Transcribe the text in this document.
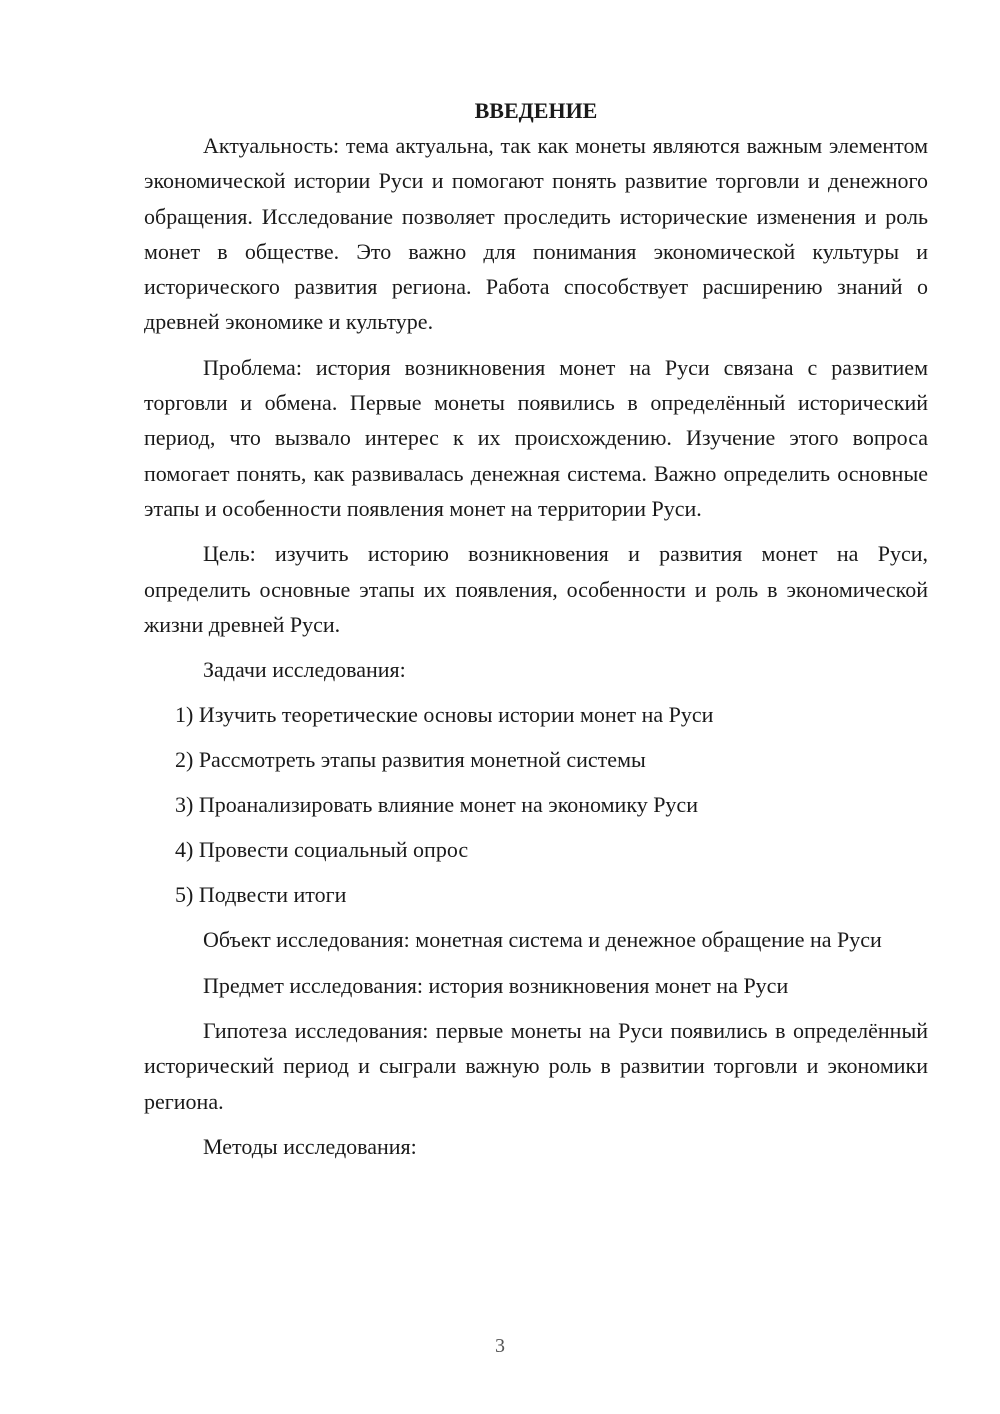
ВВЕДЕНИЕ

Актуальность: тема актуальна, так как монеты являются важным элементом экономической истории Руси и помогают понять развитие торговли и денежного обращения. Исследование позволяет проследить исторические изменения и роль монет в обществе. Это важно для понимания экономической культуры и исторического развития региона. Работа способствует расширению знаний о древней экономике и культуре.

Проблема: история возникновения монет на Руси связана с развитием торговли и обмена. Первые монеты появились в определённый исторический период, что вызвало интерес к их происхождению. Изучение этого вопроса помогает понять, как развивалась денежная система. Важно определить основные этапы и особенности появления монет на территории Руси.

Цель: изучить историю возникновения и развития монет на Руси, определить основные этапы их появления, особенности и роль в экономической жизни древней Руси.

Задачи исследования:

1) Изучить теоретические основы истории монет на Руси
2) Рассмотреть этапы развития монетной системы
3) Проанализировать влияние монет на экономику Руси
4) Провести социальный опрос
5) Подвести итоги

Объект исследования: монетная система и денежное обращение на Руси

Предмет исследования: история возникновения монет на Руси

Гипотеза исследования: первые монеты на Руси появились в определённый исторический период и сыграли важную роль в развитии торговли и экономики региона.

Методы исследования:

3
